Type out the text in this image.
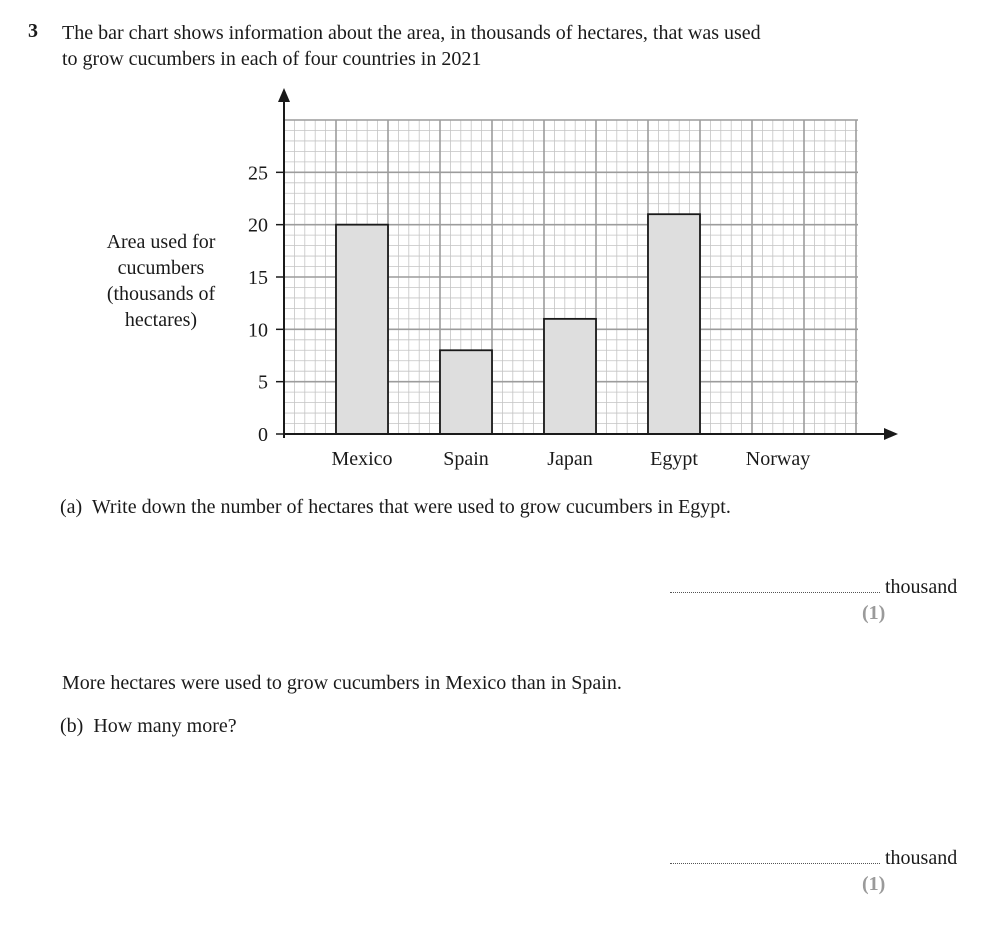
3 The bar chart shows information about the area, in thousands of hectares, that was used
to grow cucumbers in each of four countries in 2021
Area used for
cucumbers
(thousands of
hectares)
Mexico	Spain	Japan	Egypt Norway
0
5
10
15
20
25
(a) Write down the number of hectares that were used to grow cucumbers in Egypt.
thousand
(1)
More hectares were used to grow cucumbers in Mexico than in Spain.
(b) How many more?
thousand
(1)
